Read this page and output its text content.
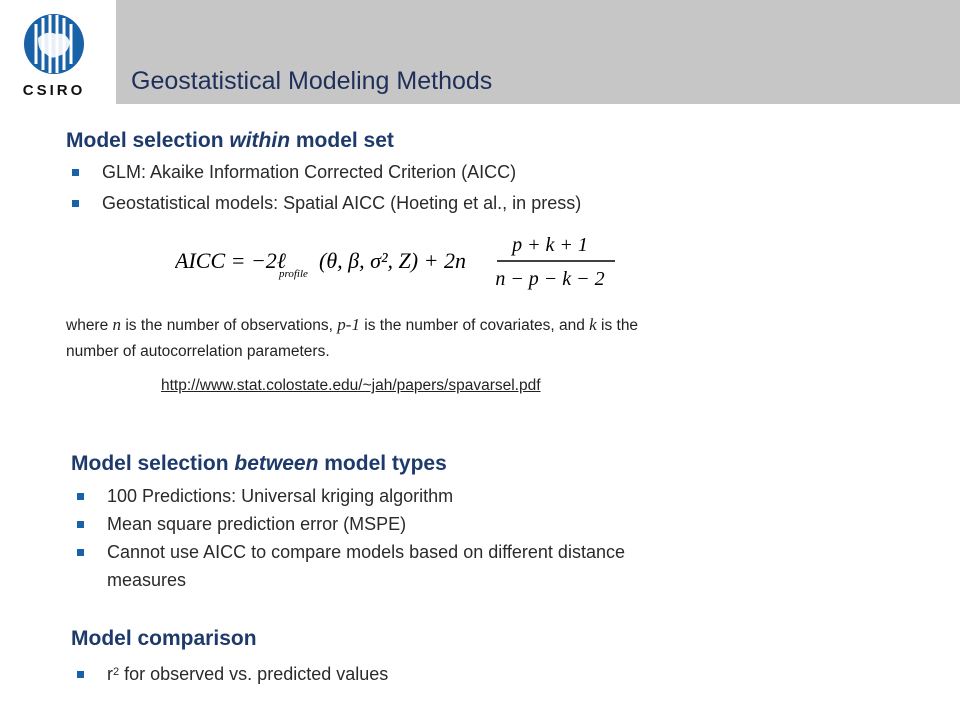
CSIRO Geostatistical Modeling Methods
Model selection within model set
GLM: Akaike Information Corrected Criterion (AICC)
Geostatistical models: Spatial AICC (Hoeting et al., in press)
AICC = −2ℓ
profile
(θ, β, σ², Z) + 2n
p + k + 1
n − p − k − 2
where n is the number of observations, p-1 is the number of covariates, and k is the
number of autocorrelation parameters.
http://www.stat.colostate.edu/~jah/papers/spavarsel.pdf
Model selection between model types
100 Predictions: Universal kriging algorithm
Mean square prediction error (MSPE)
Cannot use AICC to compare models based on different distance
measures
Model comparison
$r^2$ for observed vs. predicted values
